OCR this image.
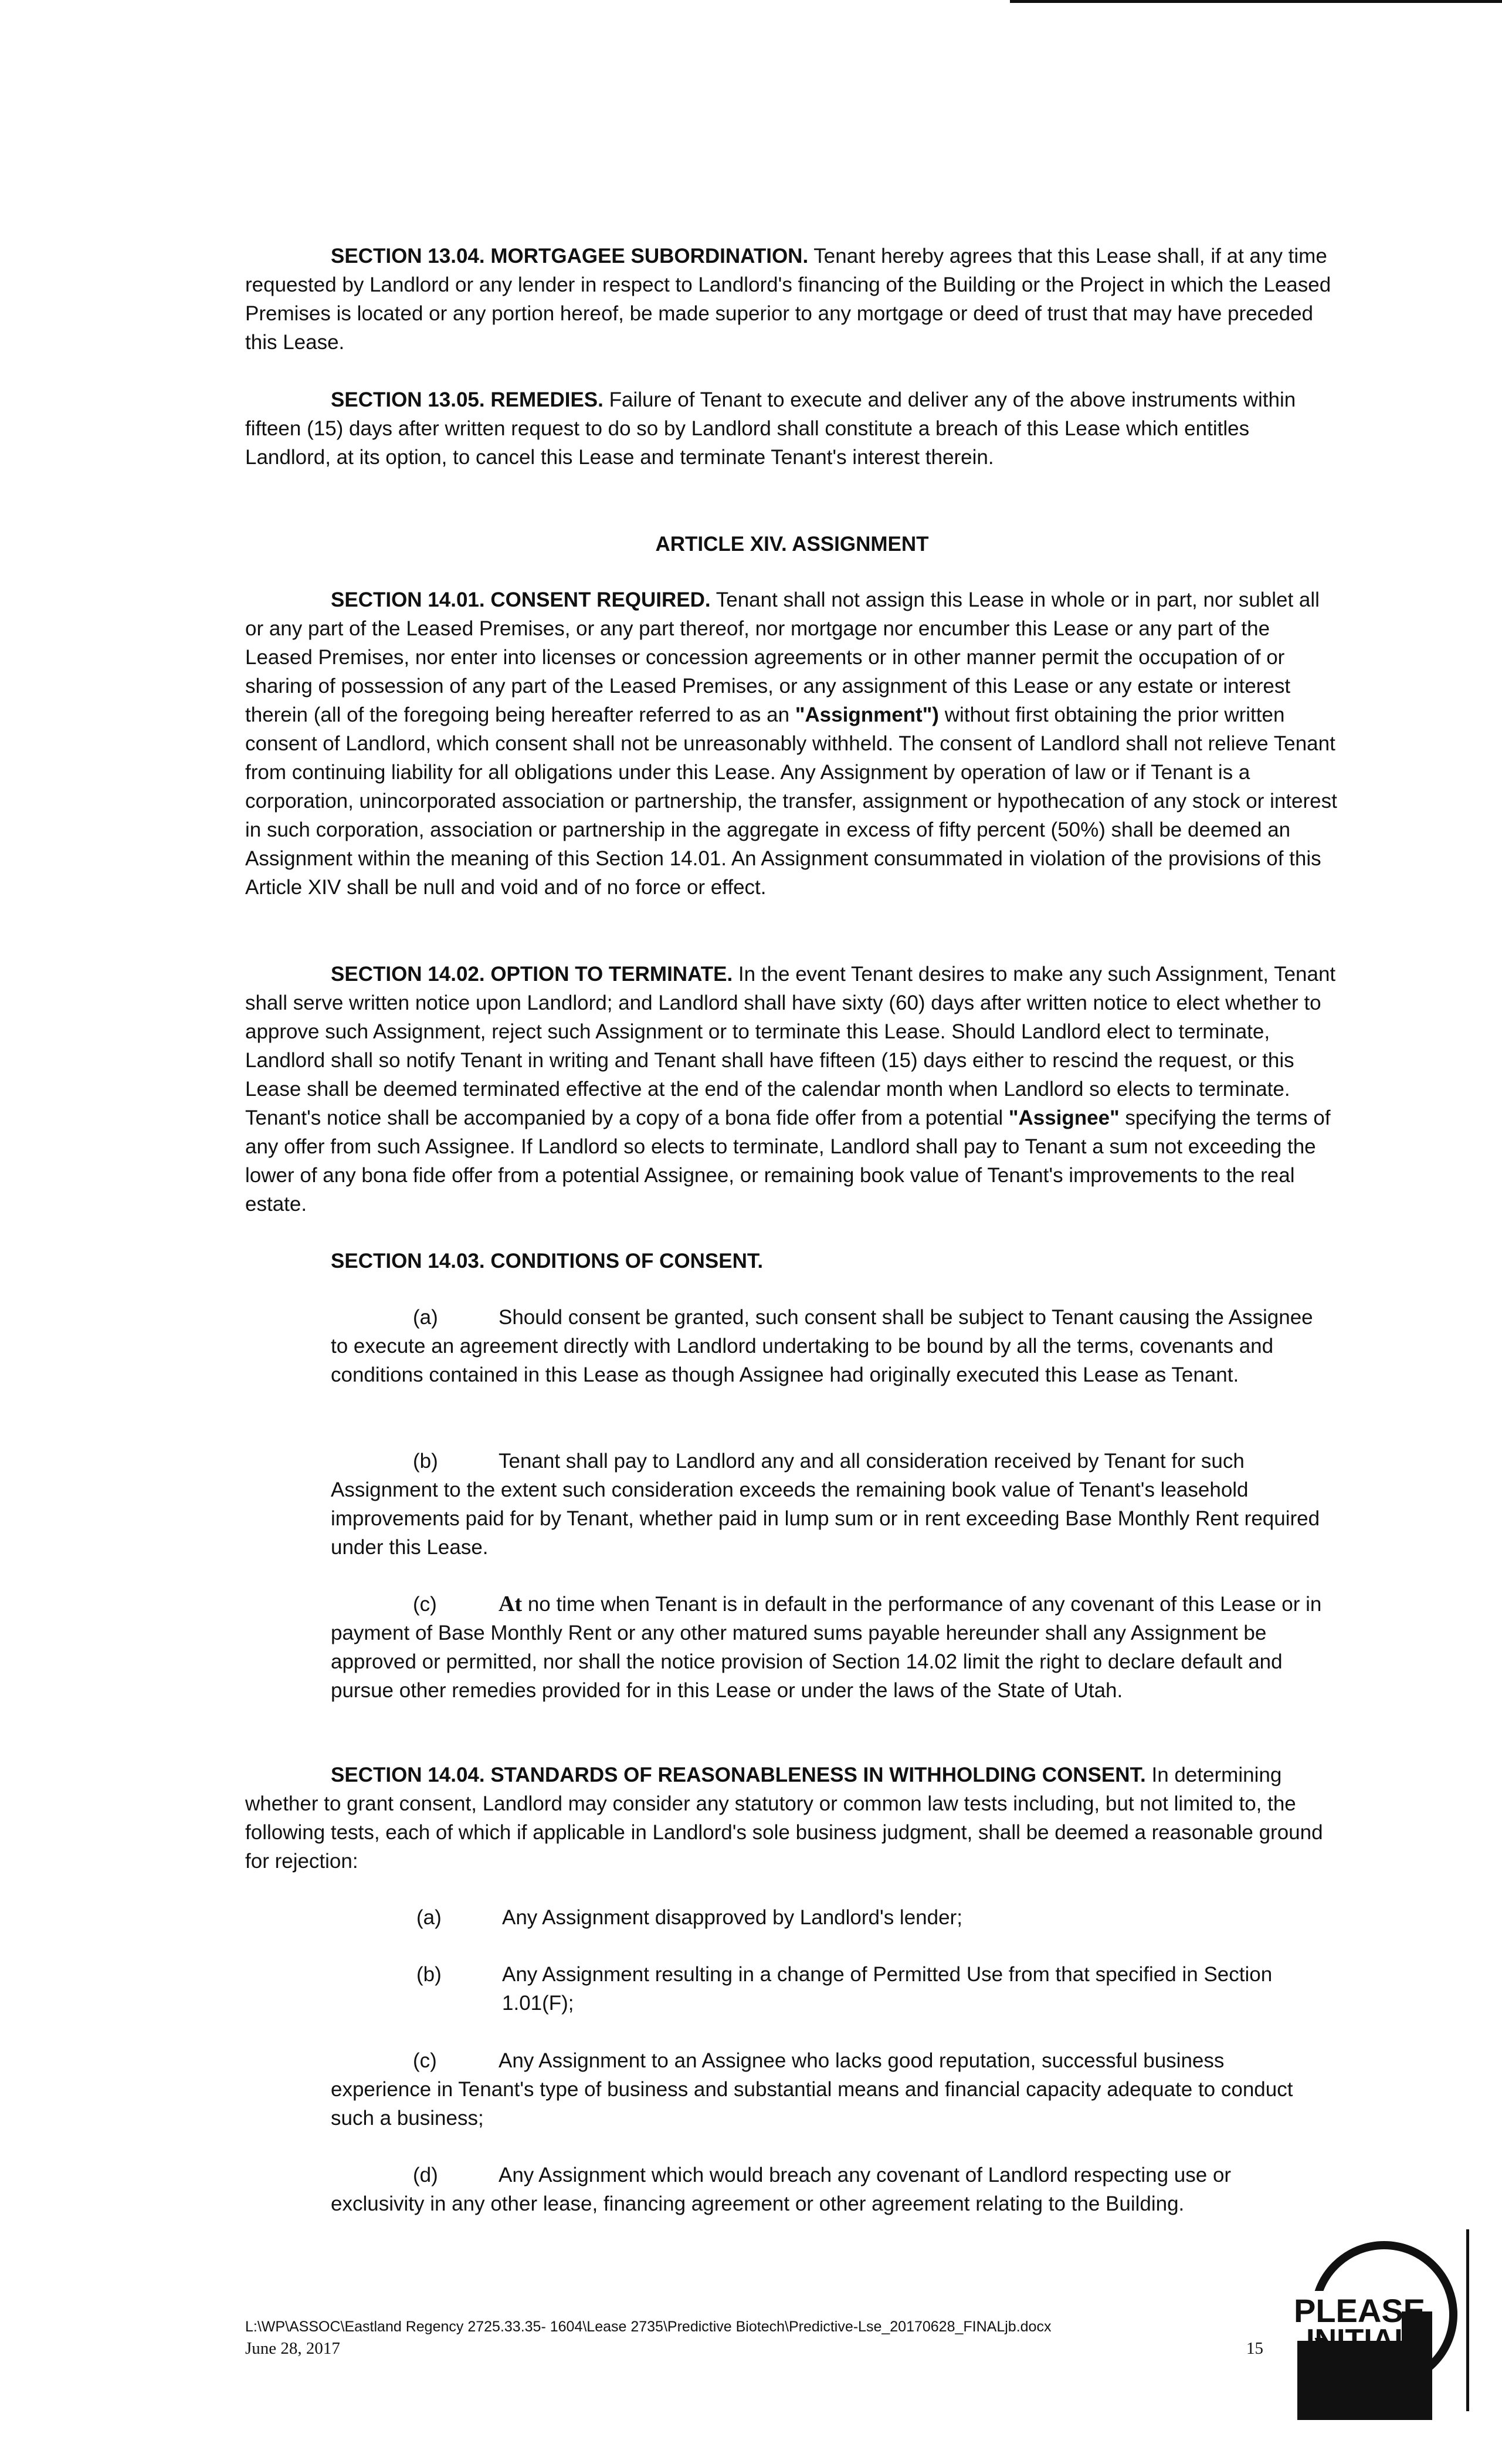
SECTION 13.04. MORTGAGEE SUBORDINATION. Tenant hereby agrees that this Lease shall, if at any time requested by Landlord or any lender in respect to Landlord's financing of the Building or the Project in which the Leased Premises is located or any portion hereof, be made superior to any mortgage or deed of trust that may have preceded this Lease.

SECTION 13.05. REMEDIES. Failure of Tenant to execute and deliver any of the above instruments within fifteen (15) days after written request to do so by Landlord shall constitute a breach of this Lease which entitles Landlord, at its option, to cancel this Lease and terminate Tenant's interest therein.

ARTICLE XIV. ASSIGNMENT

SECTION 14.01. CONSENT REQUIRED. Tenant shall not assign this Lease in whole or in part, nor sublet all or any part of the Leased Premises, or any part thereof, nor mortgage nor encumber this Lease or any part of the Leased Premises, nor enter into licenses or concession agreements or in other manner permit the occupation of or sharing of possession of any part of the Leased Premises, or any assignment of this Lease or any estate or interest therein (all of the foregoing being hereafter referred to as an "Assignment") without first obtaining the prior written consent of Landlord, which consent shall not be unreasonably withheld. The consent of Landlord shall not relieve Tenant from continuing liability for all obligations under this Lease. Any Assignment by operation of law or if Tenant is a corporation, unincorporated association or partnership, the transfer, assignment or hypothecation of any stock or interest in such corporation, association or partnership in the aggregate in excess of fifty percent (50%) shall be deemed an Assignment within the meaning of this Section 14.01. An Assignment consummated in violation of the provisions of this Article XIV shall be null and void and of no force or effect.

SECTION 14.02. OPTION TO TERMINATE. In the event Tenant desires to make any such Assignment, Tenant shall serve written notice upon Landlord; and Landlord shall have sixty (60) days after written notice to elect whether to approve such Assignment, reject such Assignment or to terminate this Lease. Should Landlord elect to terminate, Landlord shall so notify Tenant in writing and Tenant shall have fifteen (15) days either to rescind the request, or this Lease shall be deemed terminated effective at the end of the calendar month when Landlord so elects to terminate. Tenant's notice shall be accompanied by a copy of a bona fide offer from a potential "Assignee" specifying the terms of any offer from such Assignee. If Landlord so elects to terminate, Landlord shall pay to Tenant a sum not exceeding the lower of any bona fide offer from a potential Assignee, or remaining book value of Tenant's improvements to the real estate.

SECTION 14.03. CONDITIONS OF CONSENT.

(a)	Should consent be granted, such consent shall be subject to Tenant causing the Assignee to execute an agreement directly with Landlord undertaking to be bound by all the terms, covenants and conditions contained in this Lease as though Assignee had originally executed this Lease as Tenant.

(b)	Tenant shall pay to Landlord any and all consideration received by Tenant for such Assignment to the extent such consideration exceeds the remaining book value of Tenant's leasehold improvements paid for by Tenant, whether paid in lump sum or in rent exceeding Base Monthly Rent required under this Lease.

(c)	At no time when Tenant is in default in the performance of any covenant of this Lease or in payment of Base Monthly Rent or any other matured sums payable hereunder shall any Assignment be approved or permitted, nor shall the notice provision of Section 14.02 limit the right to declare default and pursue other remedies provided for in this Lease or under the laws of the State of Utah.

SECTION 14.04. STANDARDS OF REASONABLENESS IN WITHHOLDING CONSENT. In determining whether to grant consent, Landlord may consider any statutory or common law tests including, but not limited to, the following tests, each of which if applicable in Landlord's sole business judgment, shall be deemed a reasonable ground for rejection:

(a)	Any Assignment disapproved by Landlord's lender;

(b)	Any Assignment resulting in a change of Permitted Use from that specified in Section 1.01(F);

(c)	Any Assignment to an Assignee who lacks good reputation, successful business experience in Tenant's type of business and substantial means and financial capacity adequate to conduct such a business;

(d)	Any Assignment which would breach any covenant of Landlord respecting use or exclusivity in any other lease, financing agreement or other agreement relating to the Building.

L:\WP\ASSOC\Eastland Regency 2725.33.35- 1604\Lease 2735\Predictive Biotech\Predictive-Lse_20170628_FINALjb.docx
June 28, 2017	15
PLEASE
INITIAL
